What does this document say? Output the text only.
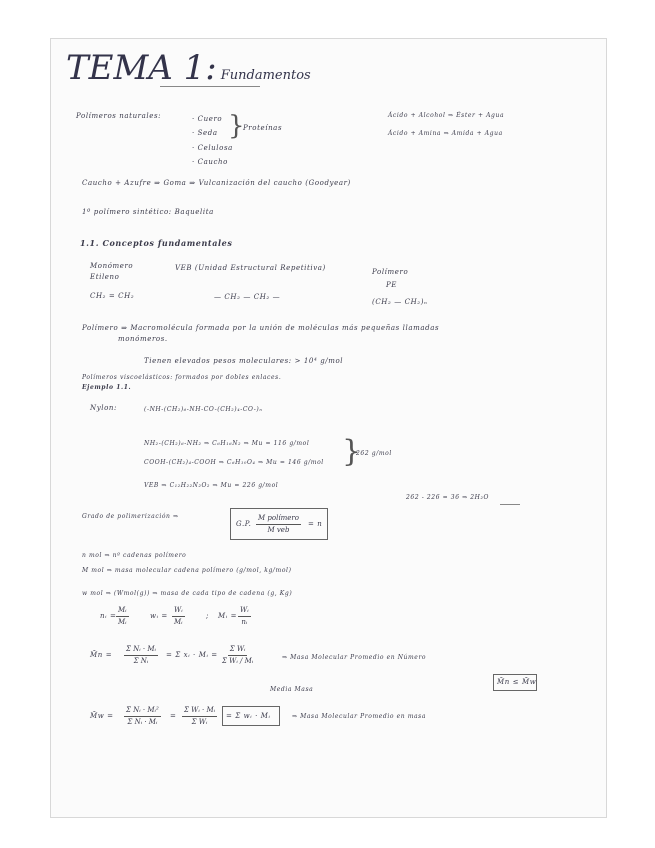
TEMA 1: Fundamentos
Polímeros naturales:	· Cuero
· Seda
· Celulosa
· Caucho
}
Proteínas
Ácido + Alcohol ⇒ Éster + Agua
Ácido + Amina ⇒ Amida + Agua
Caucho + Azufre ⇒ Goma ⇒ Vulcanización del caucho (Goodyear)
1º polímero sintético: Baquelita
1.1. Conceptos fundamentales
Monómero
Etileno
CH₂ = CH₂
VEB (Unidad Estructural Repetitiva)
— CH₂ — CH₂ —
Polímero
PE
(CH₂ — CH₂)ₙ
Polímero ⇒ Macromolécula formada por la unión de moléculas más pequeñas llamadas
monómeros.
Tienen elevados pesos moleculares: > 10⁴ g/mol
Polímeros viscoelásticos: formados por dobles enlaces.
Ejemplo 1.1.
Nylon:	(-NH-(CH₂)₆-NH-CO-(CH₂)₄-CO-)ₙ
NH₂-(CH₂)₆-NH₂ ⇒ C₆H₁₆N₂ ⇒ Mu = 116 g/mol
COOH-(CH₂)₄-COOH ⇒ C₆H₁₀O₄ ⇒ Mu = 146 g/mol }
262 g/mol
VEB ⇒ C₁₂H₂₂N₂O₂ ⇒ Mu = 226 g/mol
262 - 226 = 36 ⇒ 2H₂O
Grado de polimerización ⇒
G.P.
M polímero
M veb
= n
n mol ⇒ nº cadenas polímero
M mol ⇒ masa molecular cadena polímero (g/mol, kg/mol)
w mol ⇒ (Wmol(g)) ⇒ masa de cada tipo de cadena (g, Kg)
nᵢ = $\frac{\text{Mᵢ}}{\text{Mᵢ}}$	wᵢ = $\frac{\text{Wᵢ}}{\text{Mᵢ}}$	; Mᵢ = $\frac{\text{Wᵢ}}{\text{nᵢ}}$
M̄n = $\frac{\text{Σ Nᵢ · Mᵢ}}{\text{Σ Nᵢ}} = \Sigma$ xᵢ · Mᵢ = $\frac{\text{Σ Wᵢ}}{\text{Σ Wᵢ / Mᵢ}}$	⇒ Masa Molecular Promedio en Número
M̄n ≤ M̄w
Media Masa
M̄w = $\frac{\text{Σ Nᵢ · Mᵢ²}}{\text{Σ Nᵢ · Mᵢ}} = \frac{\text{Σ Wᵢ · Mᵢ}}{\text{Σ Wᵢ}} = \Sigma$ wᵢ · Mᵢ	⇒ Masa Molecular Promedio en masa
